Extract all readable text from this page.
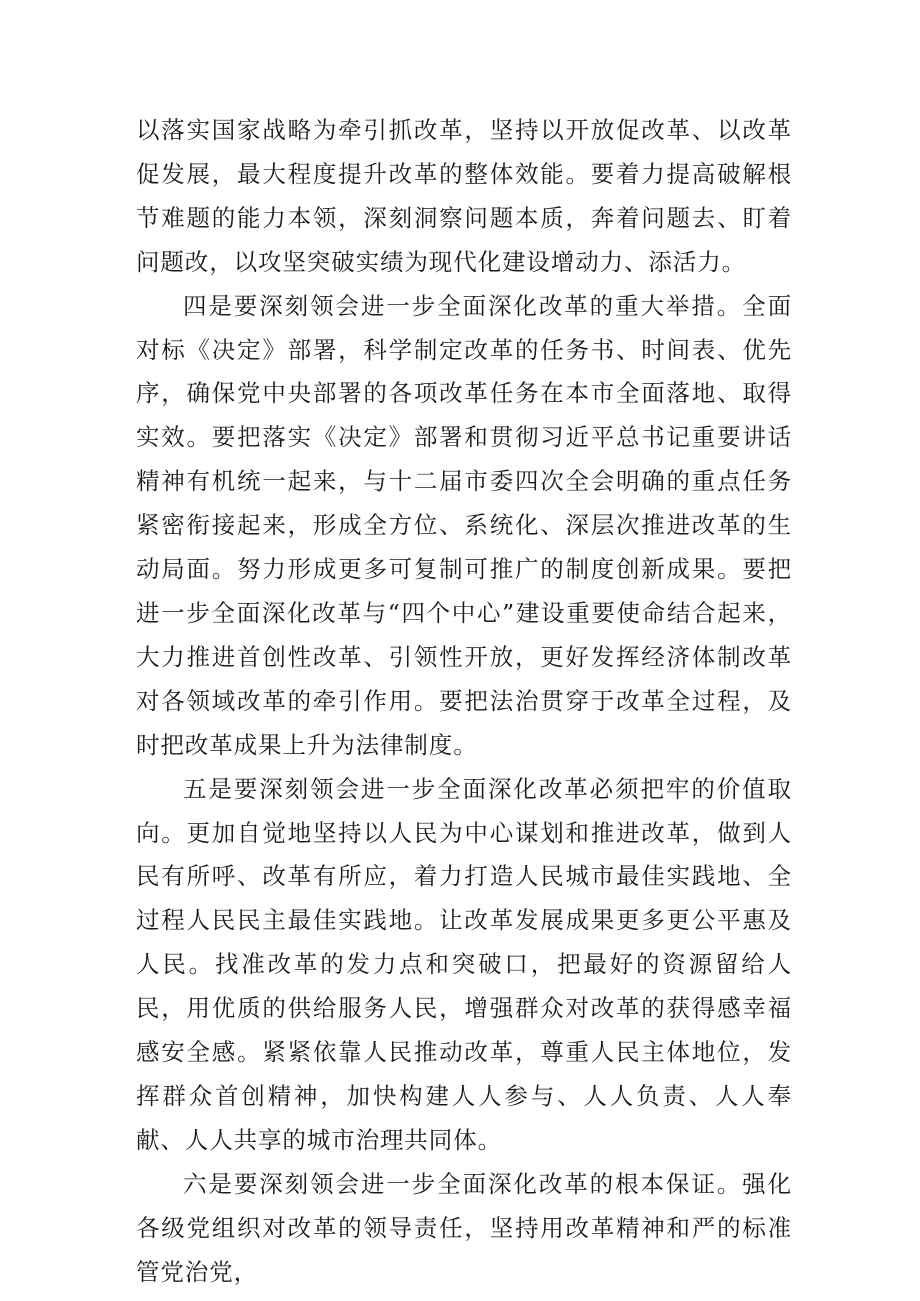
以落实国家战略为牵引抓改革，坚持以开放促改革、以改革促发展，最大程度提升改革的整体效能。要着力提高破解根节难题的能力本领，深刻洞察问题本质，奔着问题去、盯着问题改，以攻坚突破实绩为现代化建设增动力、添活力。

四是要深刻领会进一步全面深化改革的重大举措。全面对标《决定》部署，科学制定改革的任务书、时间表、优先序，确保党中央部署的各项改革任务在本市全面落地、取得实效。要把落实《决定》部署和贯彻习近平总书记重要讲话精神有机统一起来，与十二届市委四次全会明确的重点任务紧密衔接起来，形成全方位、系统化、深层次推进改革的生动局面。努力形成更多可复制可推广的制度创新成果。要把进一步全面深化改革与“四个中心”建设重要使命结合起来，大力推进首创性改革、引领性开放，更好发挥经济体制改革对各领域改革的牵引作用。要把法治贯穿于改革全过程，及时把改革成果上升为法律制度。

五是要深刻领会进一步全面深化改革必须把牢的价值取向。更加自觉地坚持以人民为中心谋划和推进改革，做到人民有所呼、改革有所应，着力打造人民城市最佳实践地、全过程人民民主最佳实践地。让改革发展成果更多更公平惠及人民。找准改革的发力点和突破口，把最好的资源留给人民，用优质的供给服务人民，增强群众对改革的获得感幸福感安全感。紧紧依靠人民推动改革，尊重人民主体地位，发挥群众首创精神，加快构建人人参与、人人负责、人人奉献、人人共享的城市治理共同体。

六是要深刻领会进一步全面深化改革的根本保证。强化各级党组织对改革的领导责任，坚持用改革精神和严的标准管党治党，
